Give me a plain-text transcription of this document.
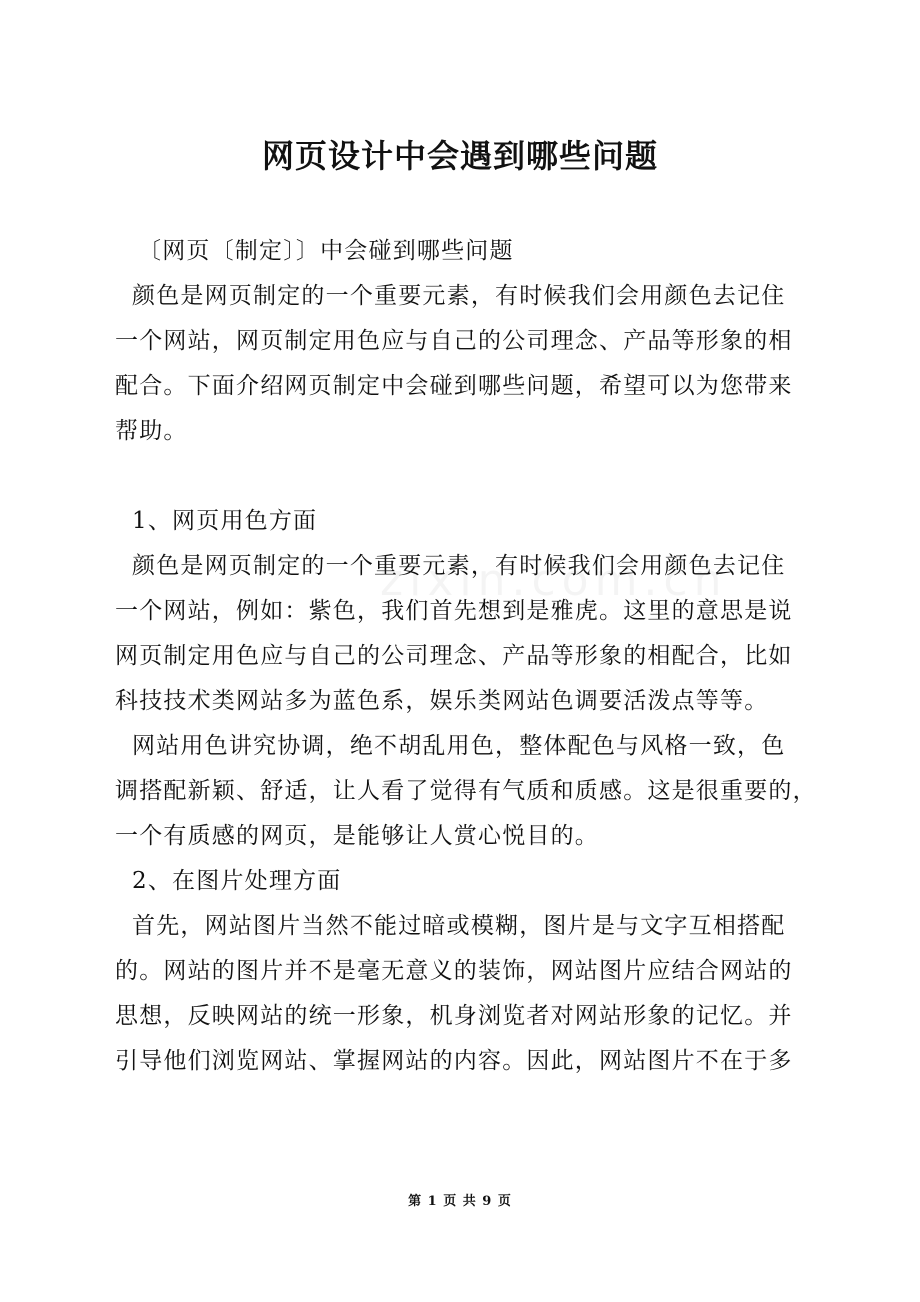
网页设计中会遇到哪些问题
〔网页〔制定〕〕中会碰到哪些问题
颜色是网页制定的一个重要元素，有时候我们会用颜色去记住
一个网站，网页制定用色应与自己的公司理念、产品等形象的相
配合。下面介绍网页制定中会碰到哪些问题，希望可以为您带来
帮助。
1、网页用色方面
颜色是网页制定的一个重要元素，有时候我们会用颜色去记住
一个网站，例如：紫色，我们首先想到是雅虎。这里的意思是说
网页制定用色应与自己的公司理念、产品等形象的相配合，比如
科技技术类网站多为蓝色系，娱乐类网站色调要活泼点等等。
网站用色讲究协调，绝不胡乱用色，整体配色与风格一致，色
调搭配新颖、舒适，让人看了觉得有气质和质感。这是很重要的，
一个有质感的网页，是能够让人赏心悦目的。
2、在图片处理方面
首先，网站图片当然不能过暗或模糊，图片是与文字互相搭配
的。网站的图片并不是毫无意义的装饰，网站图片应结合网站的
思想，反映网站的统一形象，机身浏览者对网站形象的记忆。并
引导他们浏览网站、掌握网站的内容。因此，网站图片不在于多
第 1 页 共 9 页
